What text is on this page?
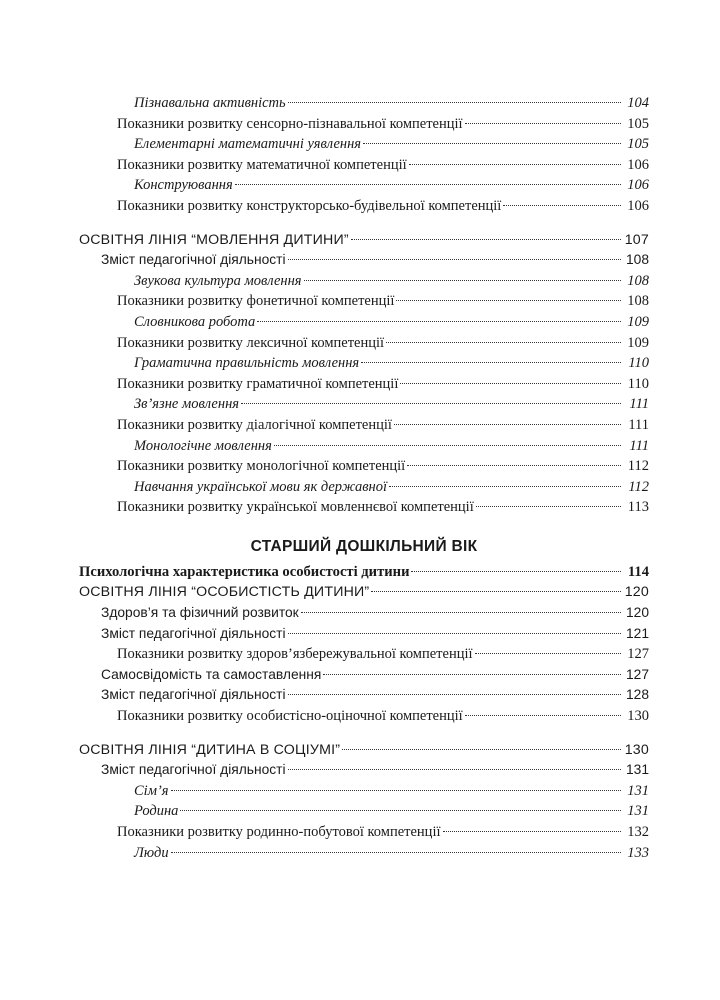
Пізнавальна активність	104
Показники розвитку сенсорно-пізнавальної компетенції	105
Елементарні математичні уявлення	105
Показники розвитку математичної компетенції	106
Конструювання	106
Показники розвитку конструкторсько-будівельної компетенції	106
ОСВІТНЯ ЛІНІЯ “МОВЛЕННЯ ДИТИНИ”	107
Зміст педагогічної діяльності	108
Звукова культура мовлення	108
Показники розвитку фонетичної компетенції	108
Словникова робота	109
Показники розвитку лексичної компетенції	109
Граматична правильність мовлення	110
Показники розвитку граматичної компетенції	110
Зв’язне мовлення	111
Показники розвитку діалогічної компетенції	111
Монологічне мовлення	111
Показники розвитку монологічної компетенції	112
Навчання української мови як державної	112
Показники розвитку української мовленнєвої компетенції	113
СТАРШИЙ ДОШКІЛЬНИЙ ВІК
Психологічна характеристика особистості дитини	114
ОСВІТНЯ ЛІНІЯ “ОСОБИСТІСТЬ ДИТИНИ”	120
Здоров’я та фізичний розвиток	120
Зміст педагогічної діяльності	121
Показники розвитку здоров’язбережувальної компетенції	127
Самосвідомість та самоставлення	127
Зміст педагогічної діяльності	128
Показники розвитку особистісно-оціночної компетенції	130
ОСВІТНЯ ЛІНІЯ “ДИТИНА В СОЦІУМІ”	130
Зміст педагогічної діяльності	131
Сім’я	131
Родина	131
Показники розвитку родинно-побутової компетенції	132
Люди	133
